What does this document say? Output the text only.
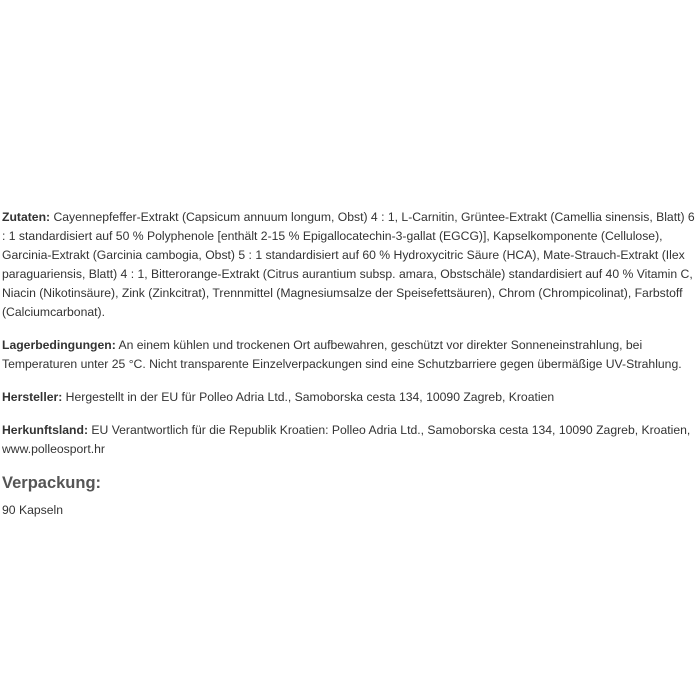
Zutaten: Cayennepfeffer-Extrakt (Capsicum annuum longum, Obst) 4 : 1, L-Carnitin, Grüntee-Extrakt (Camellia sinensis, Blatt) 6 : 1 standardisiert auf 50 % Polyphenole [enthält 2-15 % Epigallocatechin-3-gallat (EGCG)], Kapselkomponente (Cellulose), Garcinia-Extrakt (Garcinia cambogia, Obst) 5 : 1 standardisiert auf 60 % Hydroxycitric Säure (HCA), Mate-Strauch-Extrakt (Ilex paraguariensis, Blatt) 4 : 1, Bitterorange-Extrakt (Citrus aurantium subsp. amara, Obstschäle) standardisiert auf 40 % Vitamin C, Niacin (Nikotinsäure), Zink (Zinkcitrat), Trennmittel (Magnesiumsalze der Speisefettsäuren), Chrom (Chrompicolinat), Farbstoff (Calciumcarbonat).

Lagerbedingungen: An einem kühlen und trockenen Ort aufbewahren, geschützt vor direkter Sonneneinstrahlung, bei Temperaturen unter 25 °C. Nicht transparente Einzelverpackungen sind eine Schutzbarriere gegen übermäßige UV-Strahlung.

Hersteller: Hergestellt in der EU für Polleo Adria Ltd., Samoborska cesta 134, 10090 Zagreb, Kroatien

Herkunftsland: EU Verantwortlich für die Republik Kroatien: Polleo Adria Ltd., Samoborska cesta 134, 10090 Zagreb, Kroatien, www.polleosport.hr

Verpackung:

90 Kapseln
